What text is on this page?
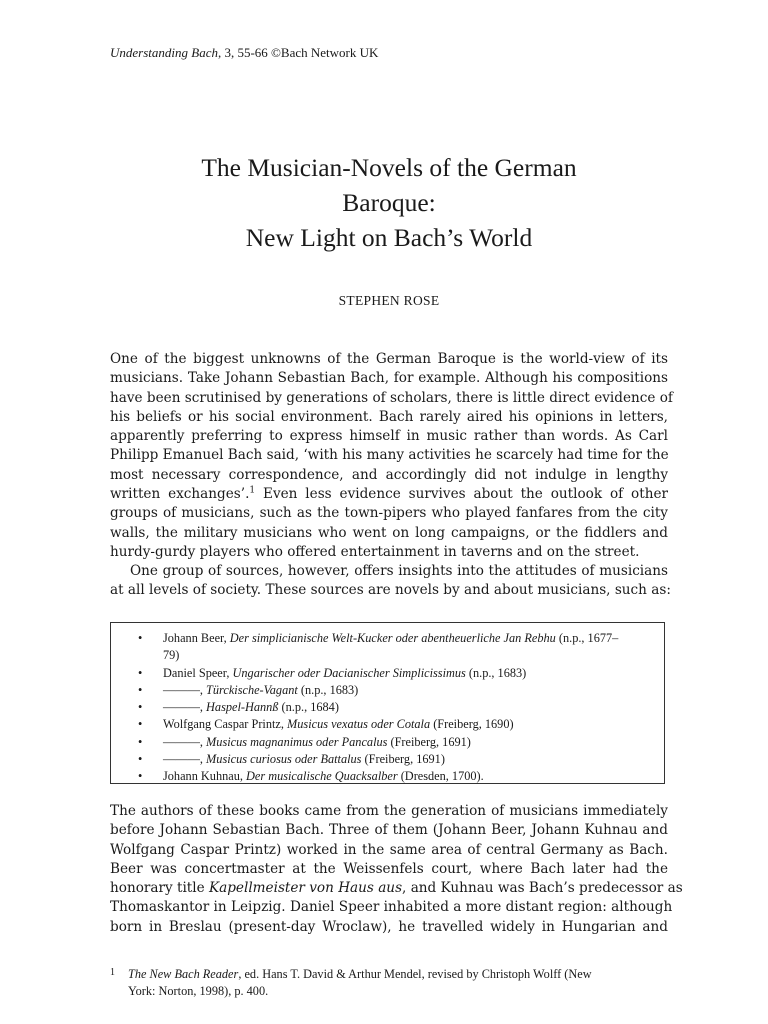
Understanding Bach, 3, 55-66 ©Bach Network UK
The Musician-Novels of the German
Baroque:
New Light on Bach’s World
STEPHEN ROSE

One of the biggest unknowns of the German Baroque is the world-view of its
musicians. Take Johann Sebastian Bach, for example. Although his compositions
have been scrutinised by generations of scholars, there is little direct evidence of
his beliefs or his social environment. Bach rarely aired his opinions in letters,
apparently preferring to express himself in music rather than words. As Carl
Philipp Emanuel Bach said, ‘with his many activities he scarcely had time for the
most necessary correspondence, and accordingly did not indulge in lengthy
written exchanges’.$^1$ Even less evidence survives about the outlook of other
groups of musicians, such as the town-pipers who played fanfares from the city
walls, the military musicians who went on long campaigns, or the fiddlers and
hurdy-gurdy players who offered entertainment in taverns and on the street.

One group of sources, however, offers insights into the attitudes of musicians
at all levels of society. These sources are novels by and about musicians, such as:

• Johann Beer, Der simplicianische Welt-Kucker oder abentheuerliche Jan Rebhu (n.p., 1677–
79)
• Daniel Speer, Ungarischer oder Dacianischer Simplicissimus (n.p., 1683)
• ———, Türckische-Vagant (n.p., 1683)
• ———, Haspel-Hannß (n.p., 1684)
• Wolfgang Caspar Printz, Musicus vexatus oder Cotala (Freiberg, 1690)
• ———, Musicus magnanimus oder Pancalus (Freiberg, 1691)
• ———, Musicus curiosus oder Battalus (Freiberg, 1691)
• Johann Kuhnau, Der musicalische Quacksalber (Dresden, 1700).

The authors of these books came from the generation of musicians immediately
before Johann Sebastian Bach. Three of them (Johann Beer, Johann Kuhnau and
Wolfgang Caspar Printz) worked in the same area of central Germany as Bach.
Beer was concertmaster at the Weissenfels court, where Bach later had the
honorary title Kapellmeister von Haus aus, and Kuhnau was Bach’s predecessor as
Thomaskantor in Leipzig. Daniel Speer inhabited a more distant region: although
born in Breslau (present-day Wroclaw), he travelled widely in Hungarian and

1	The New Bach Reader, ed. Hans T. David & Arthur Mendel, revised by Christoph Wolff (New
York: Norton, 1998), p. 400.
